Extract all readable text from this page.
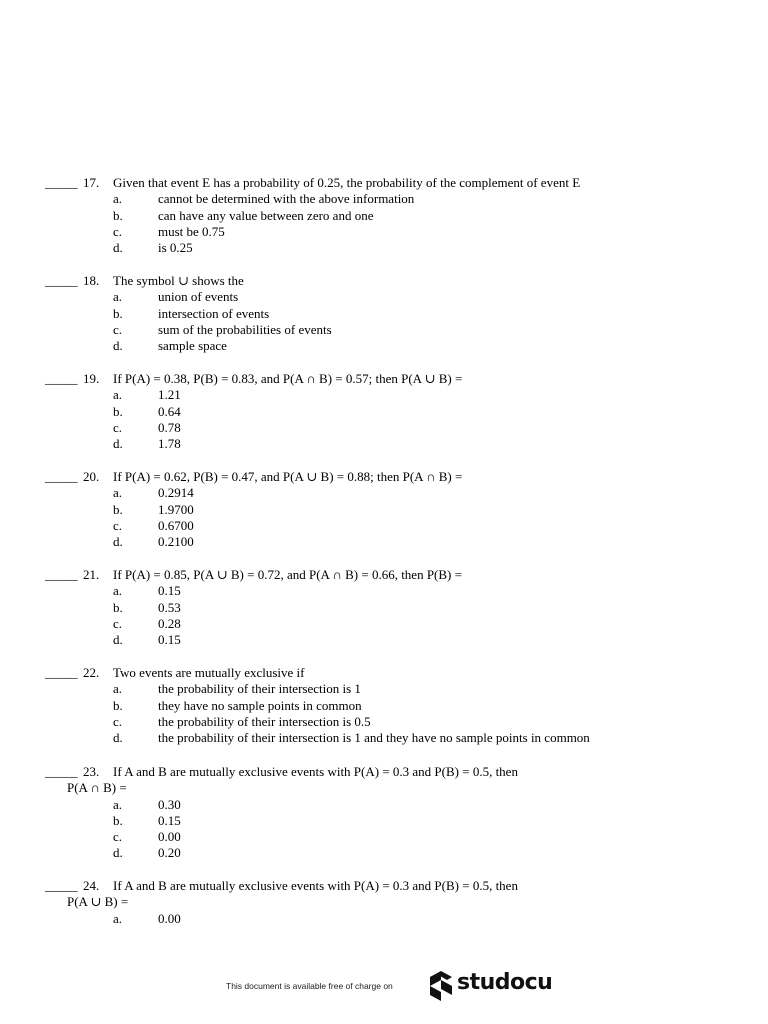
_____ 17. Given that event E has a probability of 0.25, the probability of the complement of event E
a.	cannot be determined with the above information
b.	can have any value between zero and one
c.	must be 0.75
d.	is 0.25
_____ 18. The symbol ∪ shows the
a.	union of events
b.	intersection of events
c.	sum of the probabilities of events
d.	sample space
_____ 19. If P(A) = 0.38, P(B) = 0.83, and P(A ∩ B) = 0.57; then P(A ∪ B) =
a.	1.21
b.	0.64
c.	0.78
d.	1.78
_____ 20. If P(A) = 0.62, P(B) = 0.47, and P(A ∪ B) = 0.88; then P(A ∩ B) =
a.	0.2914
b.	1.9700
c.	0.6700
d.	0.2100
_____ 21. If P(A) = 0.85, P(A ∪ B) = 0.72, and P(A ∩ B) = 0.66, then P(B) =
a.	0.15
b.	0.53
c.	0.28
d.	0.15
_____ 22. Two events are mutually exclusive if
a.	the probability of their intersection is 1
b.	they have no sample points in common
c.	the probability of their intersection is 0.5
d.	the probability of their intersection is 1 and they have no sample points in common
_____ 23. If A and B are mutually exclusive events with P(A) = 0.3 and P(B) = 0.5, then
P(A ∩ B) =
a.	0.30
b.	0.15
c.	0.00
d.	0.20
_____ 24. If A and B are mutually exclusive events with P(A) = 0.3 and P(B) = 0.5, then
P(A ∪ B) =
a.	0.00
This document is available free of charge on	studocu
